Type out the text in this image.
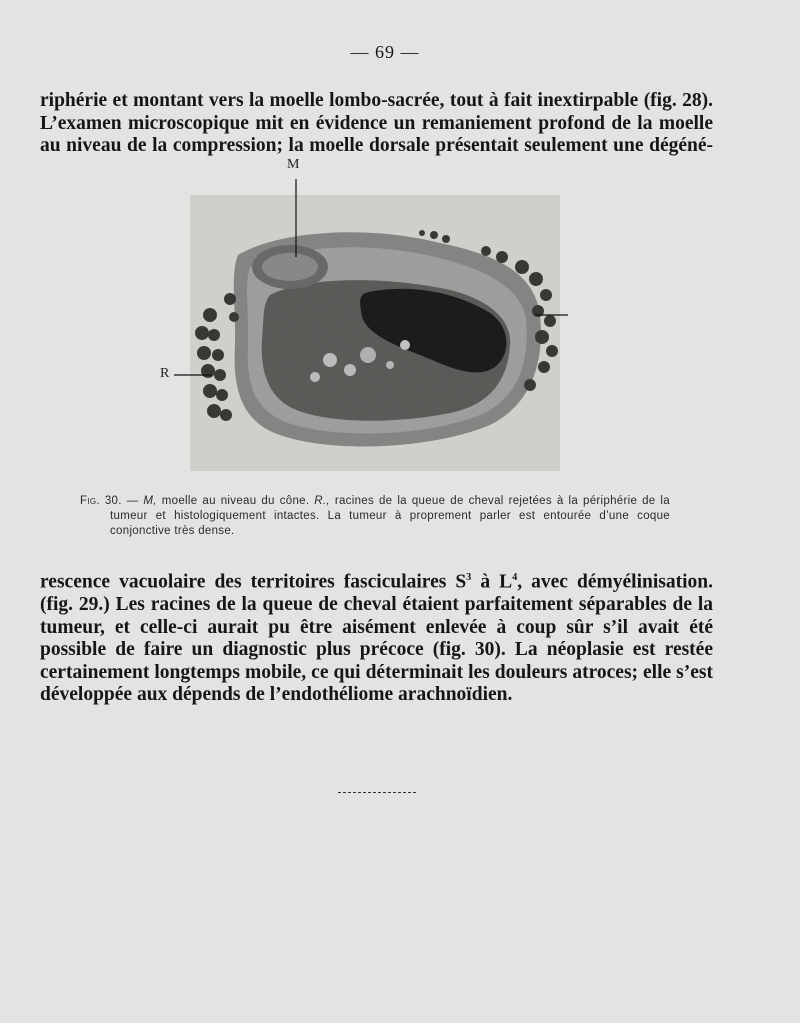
— 69 —

riphérie et montant vers la moelle lombo-sacrée, tout à fait inextirpable (fig. 28). L’examen microscopique mit en évidence un remaniement profond de la moelle au niveau de la compression; la moelle dorsale présentait seulement une dégéné-

M
R
Fig. 30. — M, moelle au niveau du cône. R., racines de la queue de cheval rejetées à la périphérie de la tumeur et histologiquement intactes. La tumeur à proprement parler est entourée d’une coque conjonctive très dense.

rescence vacuolaire des territoires fasciculaires $S^3$ à $L^4$, avec démyélinisation. (fig. 29.) Les racines de la queue de cheval étaient parfaitement séparables de la tumeur, et celle-ci aurait pu être aisément enlevée à coup sûr s’il avait été possible de faire un diagnostic plus précoce (fig. 30). La néoplasie est restée certainement longtemps mobile, ce qui déterminait les douleurs atroces; elle s’est développée aux dépends de l’endothéliome arachnoïdien.
